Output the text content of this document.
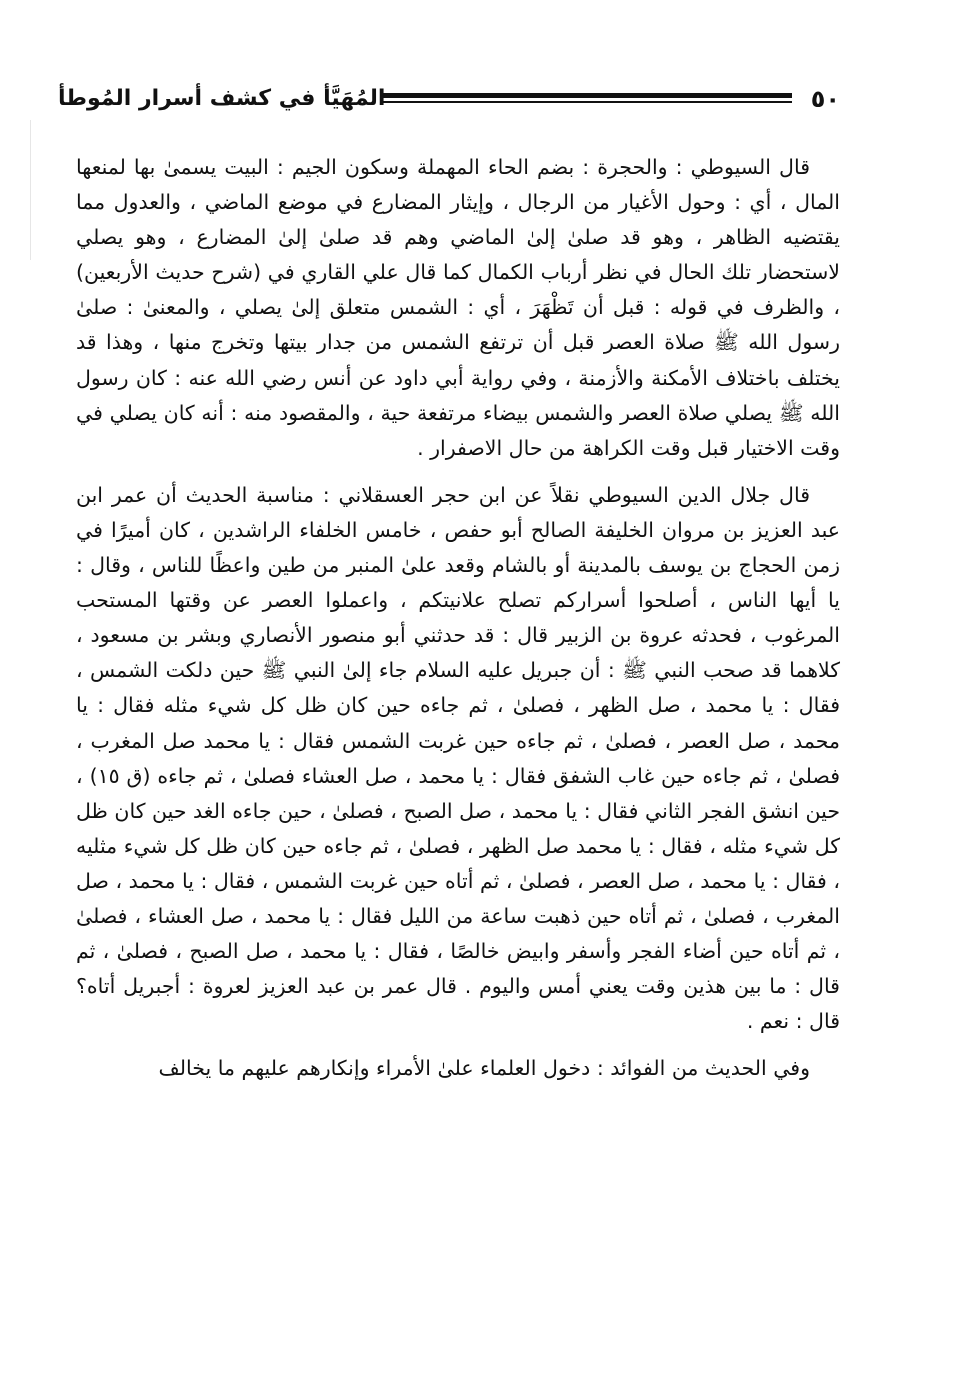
٥٠
المُهَيَّأ في كشف أسرار المُوطأ

قال السيوطي : والحجرة : بضم الحاء المهملة وسكون الجيم : البيت يسمىٰ بها لمنعها المال ، أي : وحول الأغيار من الرجال ، وإيثار المضارع في موضع الماضي ، والعدول مما يقتضيه الظاهر ، وهو قد صلىٰ إلىٰ الماضي وهم قد صلىٰ إلىٰ المضارع ، وهو يصلي لاستحضار تلك الحال في نظر أرباب الكمال كما قال علي القاري في (شرح حديث الأربعين) ، والظرف في قوله : قبل أن تَظْهَرَ ، أي : الشمس متعلق إلىٰ يصلي ، والمعنىٰ : صلىٰ رسول الله ﷺ صلاة العصر قبل أن ترتفع الشمس من جدار بيتها وتخرج منها ، وهذا قد يختلف باختلاف الأمكنة والأزمنة ، وفي رواية أبي داود عن أنس رضي الله عنه : كان رسول الله ﷺ يصلي صلاة العصر والشمس بيضاء مرتفعة حية ، والمقصود منه : أنه كان يصلي في وقت الاختيار قبل وقت الكراهة من حال الاصفرار .

قال جلال الدين السيوطي نقلاً عن ابن حجر العسقلاني : مناسبة الحديث أن عمر ابن عبد العزيز بن مروان الخليفة الصالح أبو حفص ، خامس الخلفاء الراشدين ، كان أميرًا في زمن الحجاج بن يوسف بالمدينة أو بالشام وقعد علىٰ المنبر من طين واعظًا للناس ، وقال : يا أيها الناس ، أصلحوا أسراركم تصلح علانيتكم ، واعملوا العصر عن وقتها المستحب المرغوب ، فحدثه عروة بن الزبير قال : قد حدثني أبو منصور الأنصاري وبشر بن مسعود ، كلاهما قد صحب النبي ﷺ : أن جبريل عليه السلام جاء إلىٰ النبي ﷺ حين دلكت الشمس ، فقال : يا محمد ، صل الظهر ، فصلىٰ ، ثم جاءه حين كان ظل كل شيء مثله فقال : يا محمد ، صل العصر ، فصلىٰ ، ثم جاءه حين غربت الشمس فقال : يا محمد صل المغرب ، فصلىٰ ، ثم جاءه حين غاب الشفق فقال : يا محمد ، صل العشاء فصلىٰ ، ثم جاءه (ق ١٥) ، حين انشق الفجر الثاني فقال : يا محمد ، صل الصبح ، فصلىٰ ، حين جاءه الغد حين كان ظل كل شيء مثله ، فقال : يا محمد صل الظهر ، فصلىٰ ، ثم جاءه حين كان ظل كل شيء مثليه ، فقال : يا محمد ، صل العصر ، فصلىٰ ، ثم أتاه حين غربت الشمس ، فقال : يا محمد ، صل المغرب ، فصلىٰ ، ثم أتاه حين ذهبت ساعة من الليل فقال : يا محمد ، صل العشاء ، فصلىٰ ، ثم أتاه حين أضاء الفجر وأسفر وابيض خالصًا ، فقال : يا محمد ، صل الصبح ، فصلىٰ ، ثم قال : ما بين هذين وقت يعني أمس واليوم . قال عمر بن عبد العزيز لعروة : أجبريل أتاه؟ قال : نعم .

وفي الحديث من الفوائد : دخول العلماء علىٰ الأمراء وإنكارهم عليهم ما يخالف
